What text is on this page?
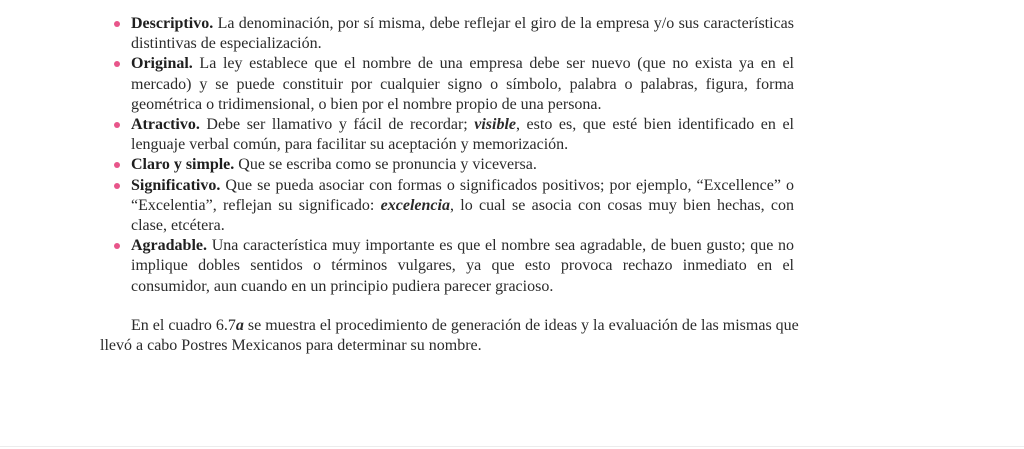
Descriptivo. La denominación, por sí misma, debe reflejar el giro de la empresa y/o sus características distintivas de especialización.
Original. La ley establece que el nombre de una empresa debe ser nuevo (que no exista ya en el mercado) y se puede constituir por cualquier signo o símbolo, palabra o palabras, figura, forma geométrica o tridimensional, o bien por el nombre propio de una persona.
Atractivo. Debe ser llamativo y fácil de recordar; visible, esto es, que esté bien identificado en el lenguaje verbal común, para facilitar su aceptación y memorización.
Claro y simple. Que se escriba como se pronuncia y viceversa.
Significativo. Que se pueda asociar con formas o significados positivos; por ejemplo, “Excellence” o “Excelentia”, reflejan su significado: excelencia, lo cual se asocia con cosas muy bien hechas, con clase, etcétera.
Agradable. Una característica muy importante es que el nombre sea agradable, de buen gusto; que no implique dobles sentidos o términos vulgares, ya que esto provoca rechazo inmediato en el consumidor, aun cuando en un principio pudiera parecer gracioso.

En el cuadro 6.7a se muestra el procedimiento de generación de ideas y la evaluación de las mismas que llevó a cabo Postres Mexicanos para determinar su nombre.
